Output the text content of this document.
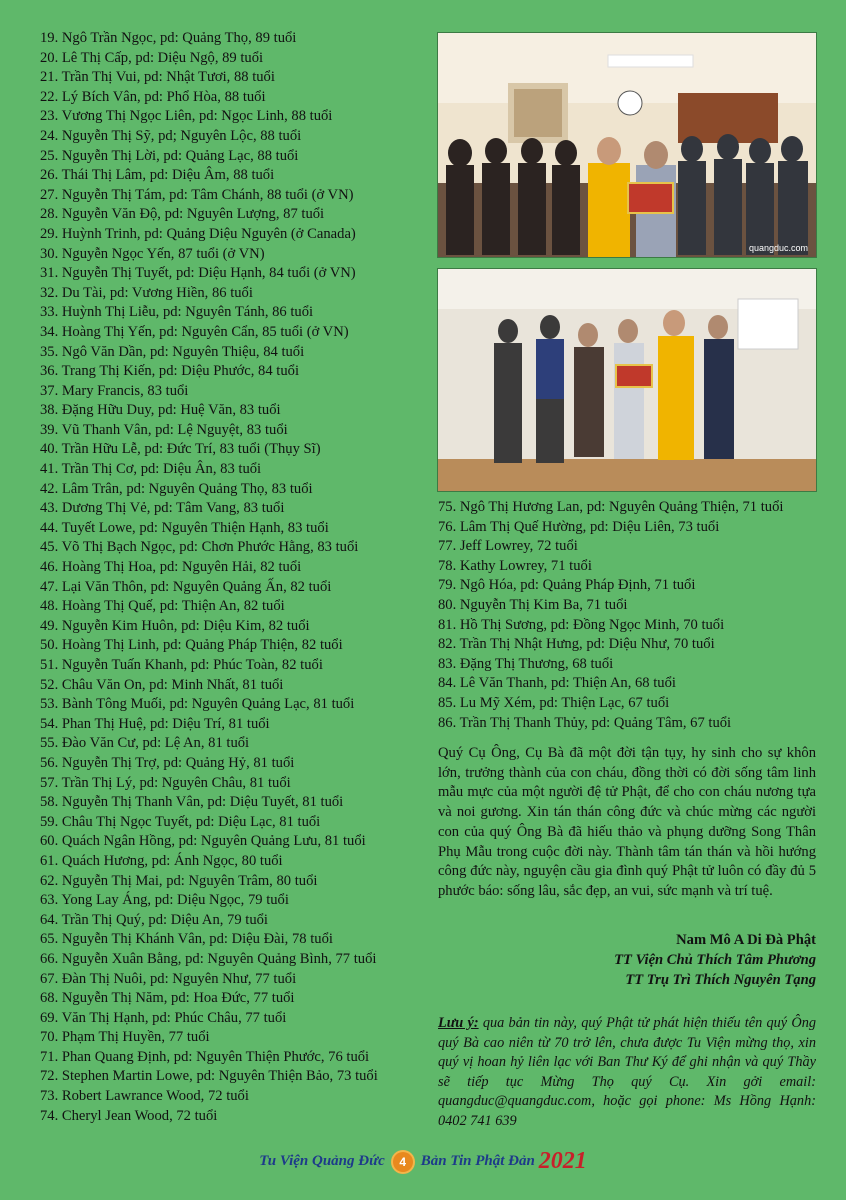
19. Ngô Trần Ngọc, pd: Quảng Thọ, 89 tuổi
20. Lê Thị Cấp, pd: Diệu Ngộ, 89 tuổi
21. Trần Thị Vui, pd: Nhật Tươi, 88 tuổi
22. Lý Bích Vân, pd: Phổ Hòa, 88 tuổi
23. Vương Thị Ngọc Liên, pd: Ngọc Linh, 88 tuổi
24. Nguyễn Thị Sỹ, pd; Nguyên Lộc, 88 tuổi
25. Nguyễn Thị Lời, pd: Quảng Lạc, 88 tuổi
26. Thái Thị Lâm, pd: Diệu Âm, 88 tuổi
27. Nguyễn Thị Tám, pd: Tâm Chánh, 88 tuổi (ở VN)
28. Nguyễn Văn Độ, pd: Nguyên Lượng, 87 tuổi
29. Huỳnh Trinh, pd: Quảng Diệu Nguyên (ở Canada)
30. Nguyễn Ngọc Yến, 87 tuổi (ở VN)
31. Nguyễn Thị Tuyết, pd: Diệu Hạnh, 84 tuổi (ở VN)
32. Du Tài, pd: Vương Hiền, 86 tuổi
33. Huỳnh Thị Liễu, pd: Nguyên Tánh, 86 tuổi
34. Hoàng Thị Yến, pd: Nguyên Cẩn, 85 tuổi (ở VN)
35. Ngô Văn Dần, pd: Nguyên Thiệu, 84 tuổi
36. Trang Thị Kiến, pd: Diệu Phước, 84 tuổi
37. Mary Francis, 83 tuổi
38. Đặng Hữu Duy, pd: Huệ Văn, 83 tuổi
39. Vũ Thanh Vân, pd: Lệ Nguyệt, 83 tuổi
40. Trần Hữu Lễ, pd: Đức Trí, 83 tuổi (Thụy Sĩ)
41. Trần Thị Cơ, pd: Diệu Ân, 83 tuổi
42. Lâm Trân, pd: Nguyên Quảng Thọ, 83 tuổi
43. Dương Thị Vẻ, pd: Tâm Vang, 83 tuổi
44. Tuyết Lowe, pd: Nguyên Thiện Hạnh, 83 tuổi
45. Võ Thị Bạch Ngọc, pd: Chơn Phước Hằng, 83 tuổi
46. Hoàng Thị Hoa, pd: Nguyên Hải, 82 tuổi
47. Lại Văn Thôn, pd: Nguyên Quảng Ấn, 82 tuổi
48. Hoàng Thị Quế, pd: Thiện An, 82 tuổi
49. Nguyễn Kim Huôn, pd: Diệu Kim, 82 tuổi
50. Hoàng Thị Linh, pd: Quảng Pháp Thiện, 82 tuổi
51. Nguyễn Tuấn Khanh, pd: Phúc Toàn, 82 tuổi
52. Châu Văn On, pd: Minh Nhất, 81 tuổi
53. Bành Tông Muối, pd: Nguyên Quảng Lạc, 81 tuổi
54. Phan Thị Huệ, pd: Diệu Trí, 81 tuổi
55. Đào Văn Cư, pd: Lệ An, 81 tuổi
56. Nguyễn Thị Trợ, pd: Quảng Hỷ, 81 tuổi
57. Trần Thị Lý, pd: Nguyên Châu, 81 tuổi
58. Nguyễn Thị Thanh Vân, pd: Diệu Tuyết, 81 tuổi
59. Châu Thị Ngọc Tuyết, pd: Diệu Lạc, 81 tuổi
60. Quách Ngân Hồng, pd: Nguyên Quảng Lưu, 81 tuổi
61. Quách Hương, pd: Ánh Ngọc, 80 tuổi
62. Nguyễn Thị Mai, pd: Nguyên Trâm, 80 tuổi
63. Yong Lay Áng, pd: Diệu Ngọc, 79 tuổi
64. Trần Thị Quý, pd: Diệu An, 79 tuổi
65. Nguyễn Thị Khánh Vân, pd: Diệu Đài, 78 tuổi
66. Nguyễn Xuân Bằng, pd: Nguyên Quảng Bình, 77 tuổi
67. Đàn Thị Nuôi, pd: Nguyên Như, 77 tuổi
68. Nguyễn Thị Năm, pd: Hoa Đức, 77 tuổi
69. Văn Thị Hạnh, pd: Phúc Châu, 77 tuổi
70. Phạm Thị Huyền, 77 tuổi
71. Phan Quang Định, pd: Nguyên Thiện Phước, 76 tuổi
72. Stephen Martin Lowe, pd: Nguyên Thiện Bảo, 73 tuổi
73. Robert Lawrance Wood, 72 tuổi
74. Cheryl Jean Wood, 72 tuổi
quangduc.com
75. Ngô Thị Hương Lan, pd: Nguyên Quảng Thiện, 71 tuổi
76. Lâm Thị Quế Hường, pd: Diệu Liên, 73 tuổi
77. Jeff Lowrey, 72 tuổi
78. Kathy Lowrey, 71 tuổi
79. Ngô Hóa, pd: Quảng Pháp Định, 71 tuổi
80. Nguyễn Thị Kim Ba, 71 tuổi
81. Hồ Thị Sương, pd: Đồng Ngọc Minh, 70 tuổi
82. Trần Thị Nhật Hưng, pd: Diệu Như, 70 tuổi
83. Đặng Thị Thương, 68 tuổi
84. Lê Văn Thanh, pd: Thiện An, 68 tuổi
85. Lu Mỹ Xém, pd: Thiện Lạc, 67 tuổi
86. Trần Thị Thanh Thủy, pd: Quảng Tâm, 67 tuổi

Quý Cụ Ông, Cụ Bà đã một đời tận tụy, hy sinh cho sự khôn lớn, trưởng thành của con cháu, đồng thời có đời sống tâm linh mẫu mực của một người đệ tử Phật, để cho con cháu nương tựa và noi gương. Xin tán thán công đức và chúc mừng các người con của quý Ông Bà đã hiếu thảo và phụng dưỡng Song Thân Phụ Mẫu trong cuộc đời này. Thành tâm tán thán và hồi hướng công đức này, nguyện cầu gia đình quý Phật tử luôn có đầy đủ 5 phước báo: sống lâu, sắc đẹp, an vui, sức mạnh và trí tuệ.

Nam Mô A Di Đà Phật
TT Viện Chủ Thích Tâm Phương
TT Trụ Trì Thích Nguyên Tạng

Lưu ý: qua bản tin này, quý Phật tử phát hiện thiếu tên quý Ông quý Bà cao niên từ 70 trở lên, chưa được Tu Viện mừng thọ, xin quý vị hoan hỷ liên lạc với Ban Thư Ký để ghi nhận và quý Thầy sẽ tiếp tục Mừng Thọ quý Cụ. Xin gởi email: quangduc@quangduc.com, hoặc gọi phone: Ms Hồng Hạnh: 0402 741 639

Tu Viện Quảng Đức 4 Bản Tin Phật Đản 2021
